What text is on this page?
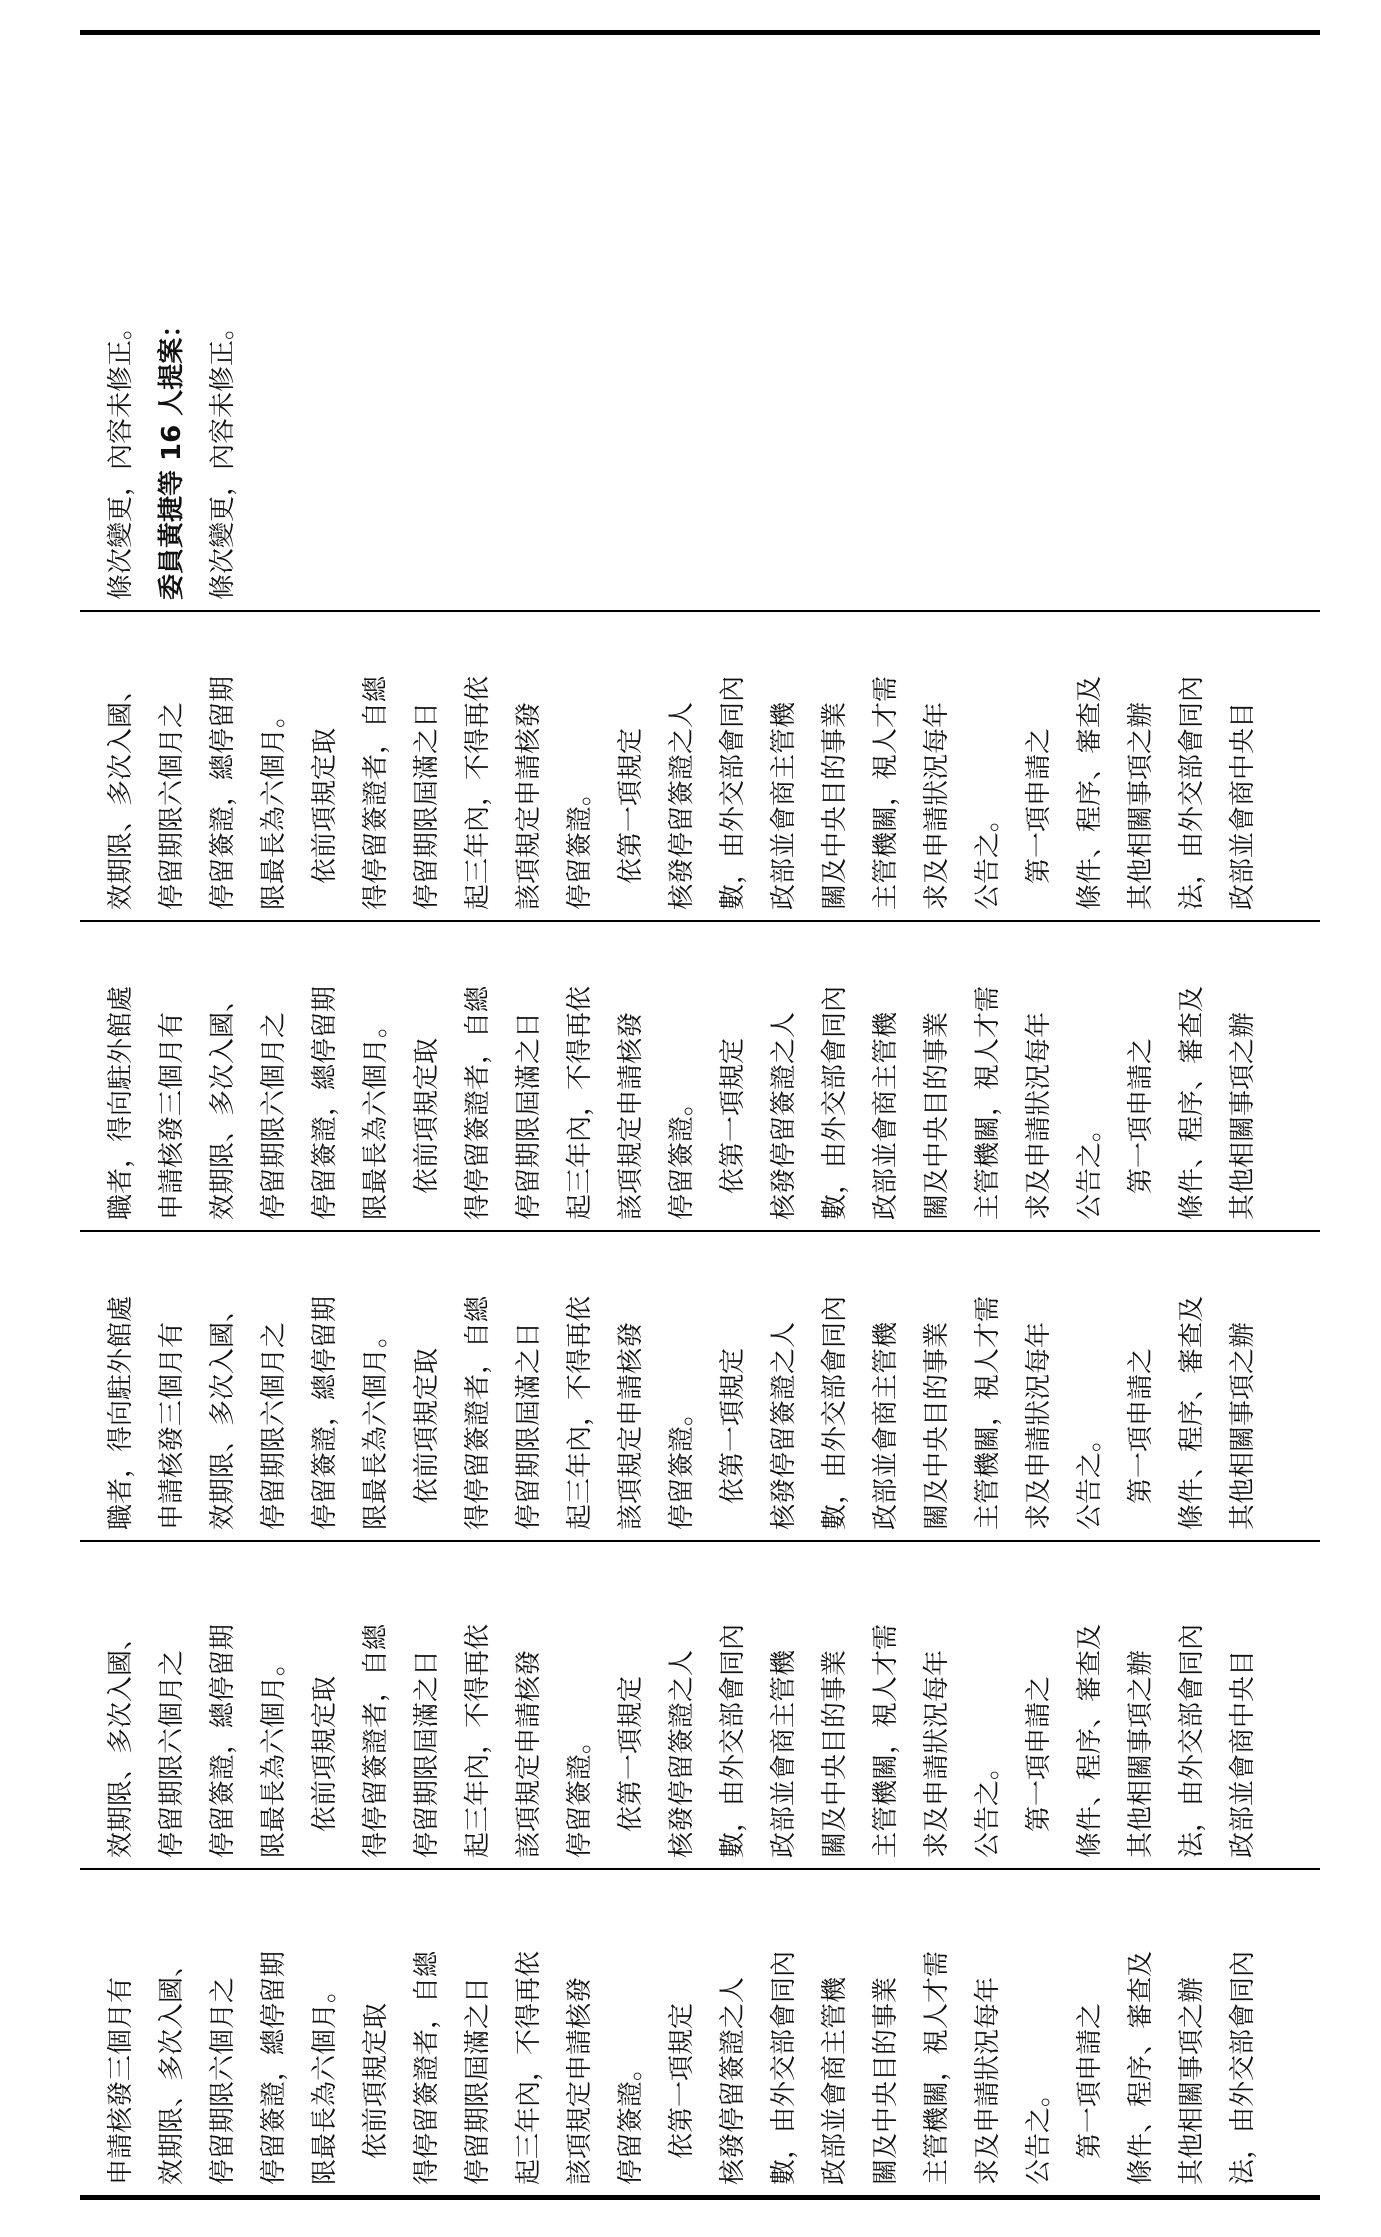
條次變更，內容未修正。 委員黃捷等 16 人提案： 條次變更，內容未修正。
效期限、多次入國、 停留期限六個月之 停留簽證，總停留期 限最長為六個月。 　依前項規定取 得停留簽證者，自總 停留期限屆滿之日 起三年內，不得再依 該項規定申請核發 停留簽證。 　依第一項規定 核發停留簽證之人 數，由外交部會同內 政部並會商主管機 關及中央目的事業 主管機關，視人才需 求及申請狀況每年 公告之。 　第一項申請之 條件、程序、審查及 其他相關事項之辦 法，由外交部會同內 政部並會商中央目
職者，得向駐外館處 申請核發三個月有 效期限、多次入國、 停留期限六個月之 停留簽證，總停留期 限最長為六個月。 　依前項規定取 得停留簽證者，自總 停留期限屆滿之日 起三年內，不得再依 該項規定申請核發 停留簽證。 　依第一項規定 核發停留簽證之人 數，由外交部會同內 政部並會商主管機 關及中央目的事業 主管機關，視人才需 求及申請狀況每年 公告之。 　第一項申請之 條件、程序、審查及 其他相關事項之辦
職者，得向駐外館處 申請核發三個月有 效期限、多次入國、 停留期限六個月之 停留簽證，總停留期 限最長為六個月。 　依前項規定取 得停留簽證者，自總 停留期限屆滿之日 起三年內，不得再依 該項規定申請核發 停留簽證。 　依第一項規定 核發停留簽證之人 數，由外交部會同內 政部並會商主管機 關及中央目的事業 主管機關，視人才需 求及申請狀況每年 公告之。 　第一項申請之 條件、程序、審查及 其他相關事項之辦
效期限、多次入國、 停留期限六個月之 停留簽證，總停留期 限最長為六個月。 　依前項規定取 得停留簽證者，自總 停留期限屆滿之日 起三年內，不得再依 該項規定申請核發 停留簽證。 　依第一項規定 核發停留簽證之人 數，由外交部會同內 政部並會商主管機 關及中央目的事業 主管機關，視人才需 求及申請狀況每年 公告之。 　第一項申請之 條件、程序、審查及 其他相關事項之辦 法，由外交部會同內 政部並會商中央目
申請核發三個月有 效期限、多次入國、 停留期限六個月之 停留簽證，總停留期 限最長為六個月。 　依前項規定取 得停留簽證者，自總 停留期限屆滿之日 起三年內，不得再依 該項規定申請核發 停留簽證。 　依第一項規定 核發停留簽證之人 數，由外交部會同內 政部並會商主管機 關及中央目的事業 主管機關，視人才需 求及申請狀況每年 公告之。 　第一項申請之 條件、程序、審查及 其他相關事項之辦 法，由外交部會同內
